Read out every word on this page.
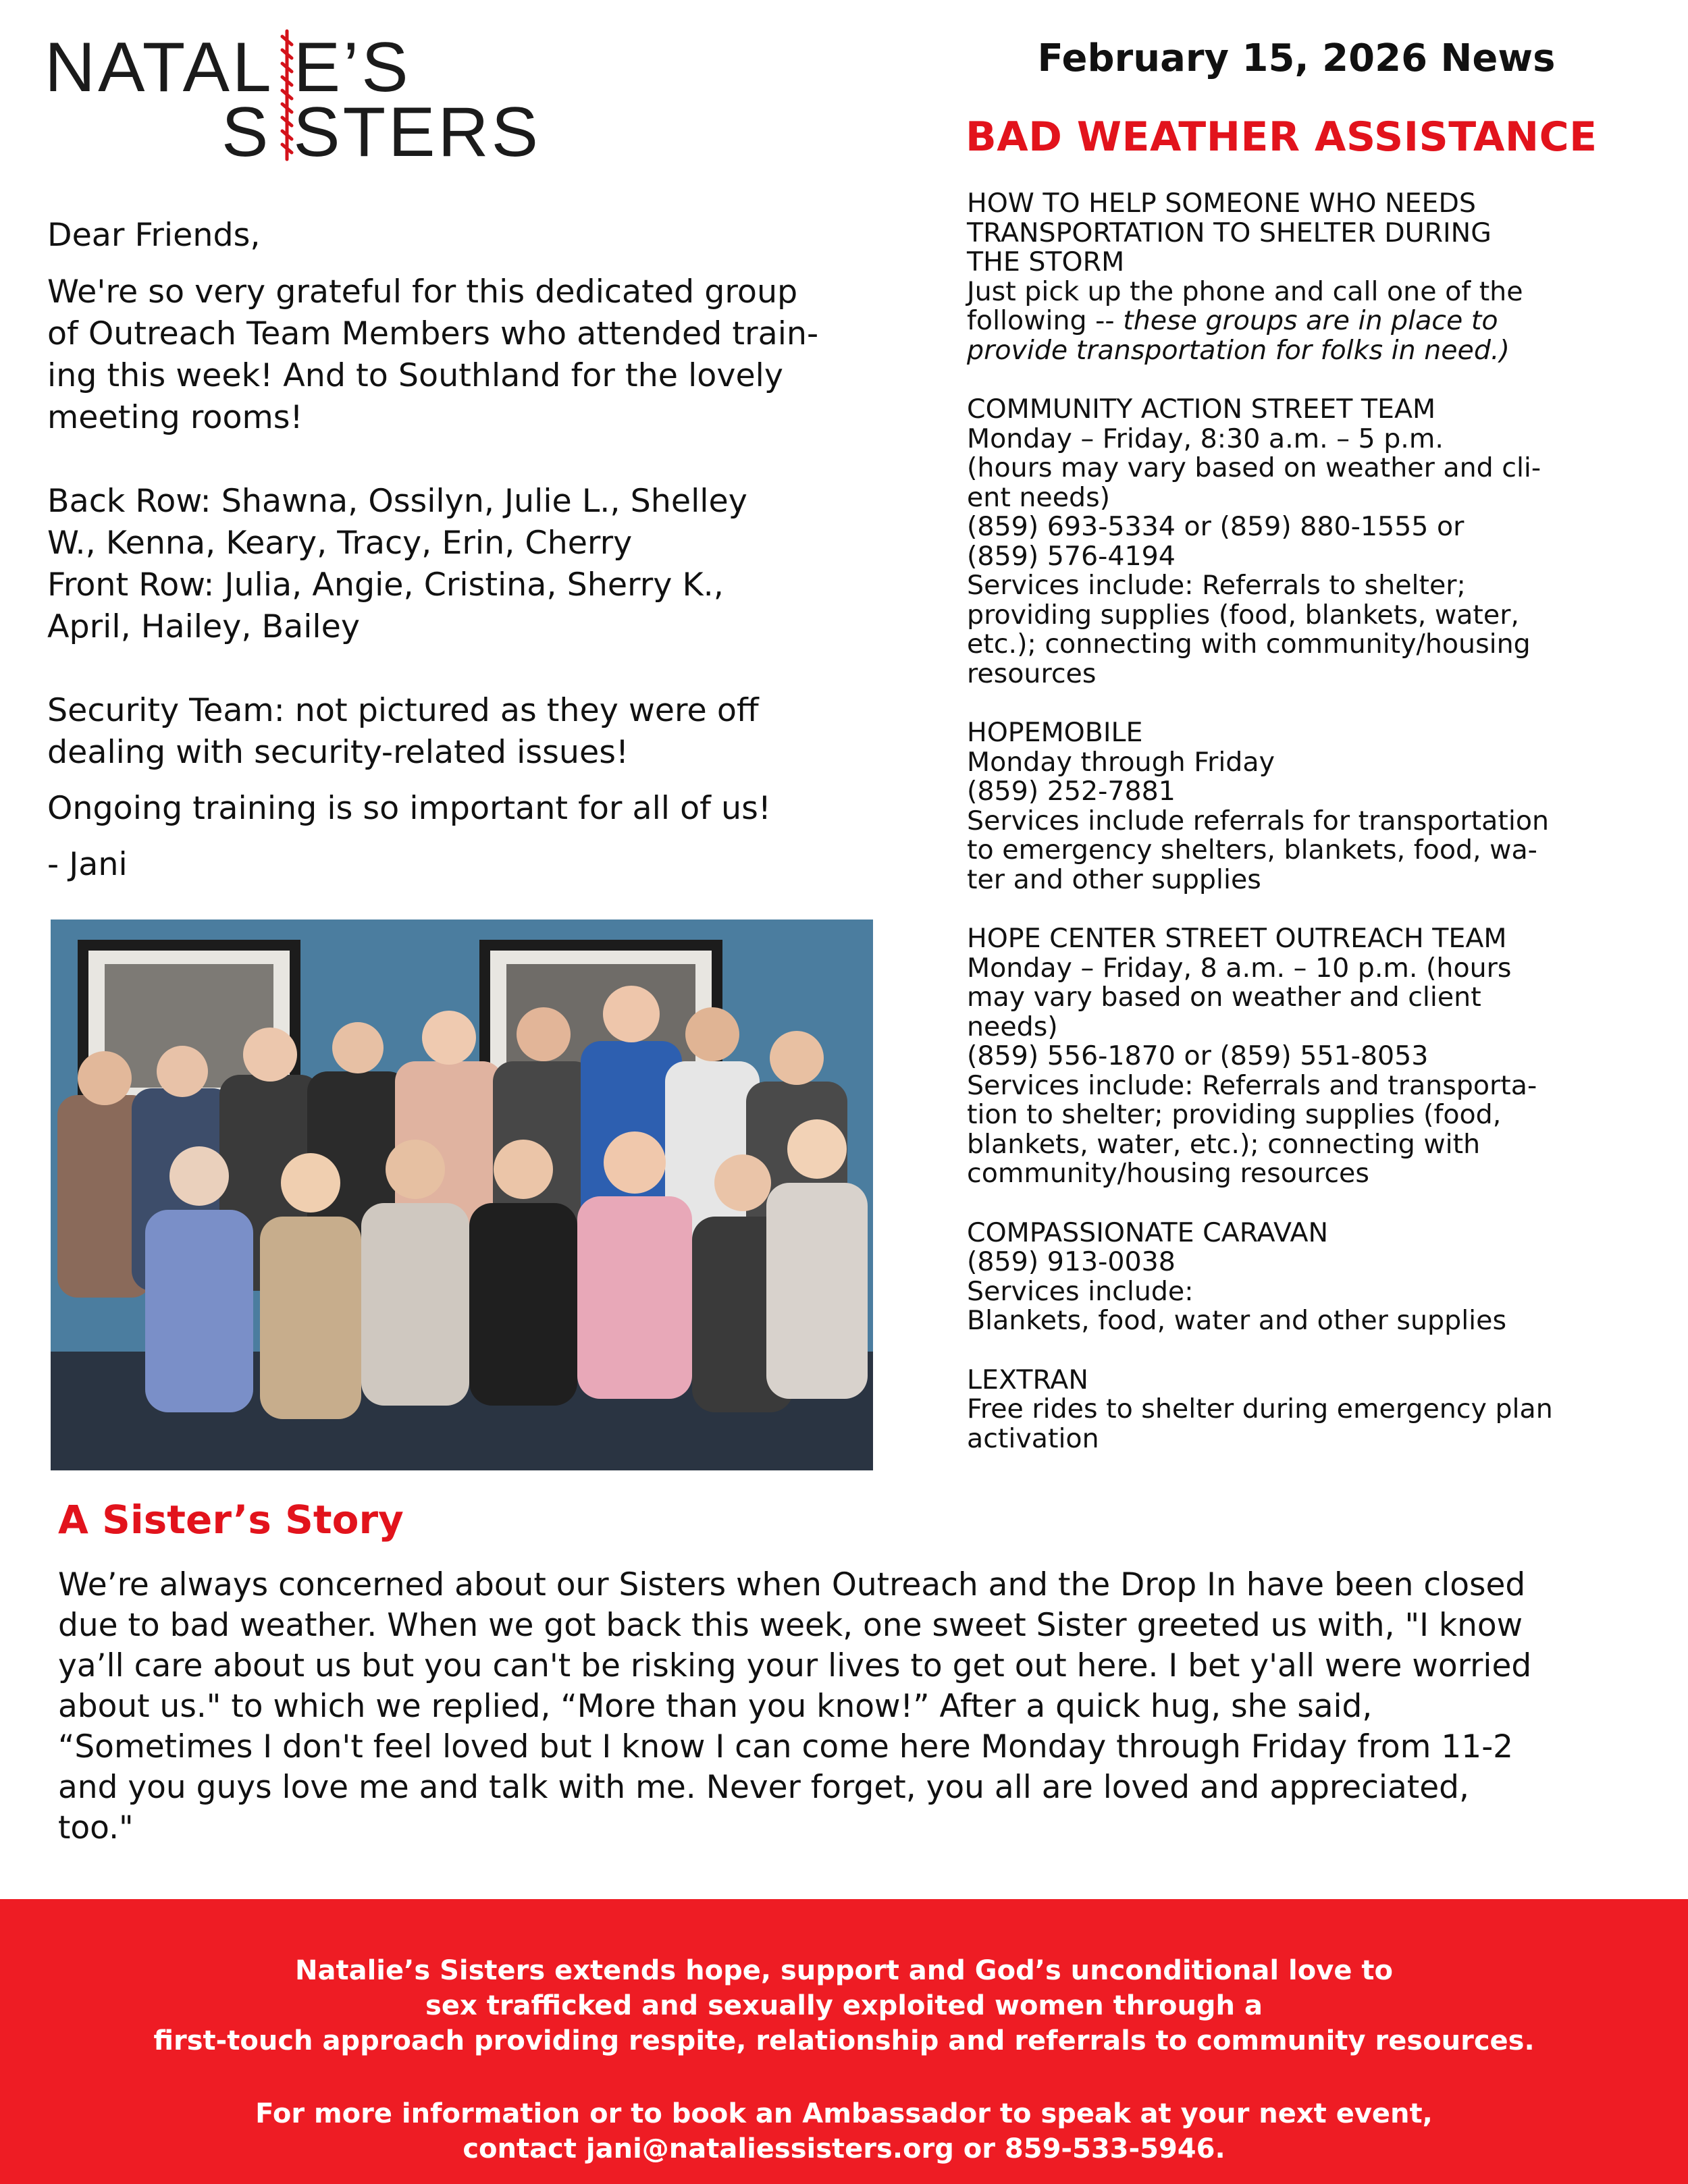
NATAL E’S
S STERS
February 15, 2026 News
BAD WEATHER ASSISTANCE
HOW TO HELP SOMEONE WHO NEEDS
TRANSPORTATION TO SHELTER DURING
THE STORM
Just pick up the phone and call one of the
following -- these groups are in place to
provide transportation for folks in need.)
COMMUNITY ACTION STREET TEAM
Monday – Friday, 8:30 a.m. – 5 p.m.
(hours may vary based on weather and cli-
ent needs)
(859) 693-5334 or (859) 880-1555 or
(859) 576-4194
Services include: Referrals to shelter;
providing supplies (food, blankets, water,
etc.); connecting with community/housing
resources
HOPEMOBILE
Monday through Friday
(859) 252-7881
Services include referrals for transportation
to emergency shelters, blankets, food, wa-
ter and other supplies
HOPE CENTER STREET OUTREACH TEAM
Monday – Friday, 8 a.m. – 10 p.m. (hours
may vary based on weather and client
needs)
(859) 556-1870 or (859) 551-8053
Services include: Referrals and transporta-
tion to shelter; providing supplies (food,
blankets, water, etc.); connecting with
community/housing resources
COMPASSIONATE CARAVAN
(859) 913-0038
Services include:
Blankets, food, water and other supplies
LEXTRAN
Free rides to shelter during emergency plan
activation

Dear Friends,

We're so very grateful for this dedicated group
of Outreach Team Members who attended train-
ing this week! And to Southland for the lovely
meeting rooms!

Back Row: Shawna, Ossilyn, Julie L., Shelley
W., Kenna, Keary, Tracy, Erin, Cherry
Front Row: Julia, Angie, Cristina, Sherry K.,
April, Hailey, Bailey

Security Team: not pictured as they were off
dealing with security-related issues!

Ongoing training is so important for all of us!

- Jani

A Sister’s Story
We’re always concerned about our Sisters when Outreach and the Drop In have been closed
due to bad weather. When we got back this week, one sweet Sister greeted us with, "I know
ya’ll care about us but you can't be risking your lives to get out here. I bet y'all were worried
about us." to which we replied, “More than you know!” After a quick hug, she said,
“Sometimes I don't feel loved but I know I can come here Monday through Friday from 11-2
and you guys love me and talk with me. Never forget, you all are loved and appreciated,
too."
Natalie’s Sisters extends hope, support and God’s unconditional love to
sex trafficked and sexually exploited women through a
first-touch approach providing respite, relationship and referrals to community resources.
For more information or to book an Ambassador to speak at your next event,
contact jani@nataliessisters.org or 859-533-5946.
